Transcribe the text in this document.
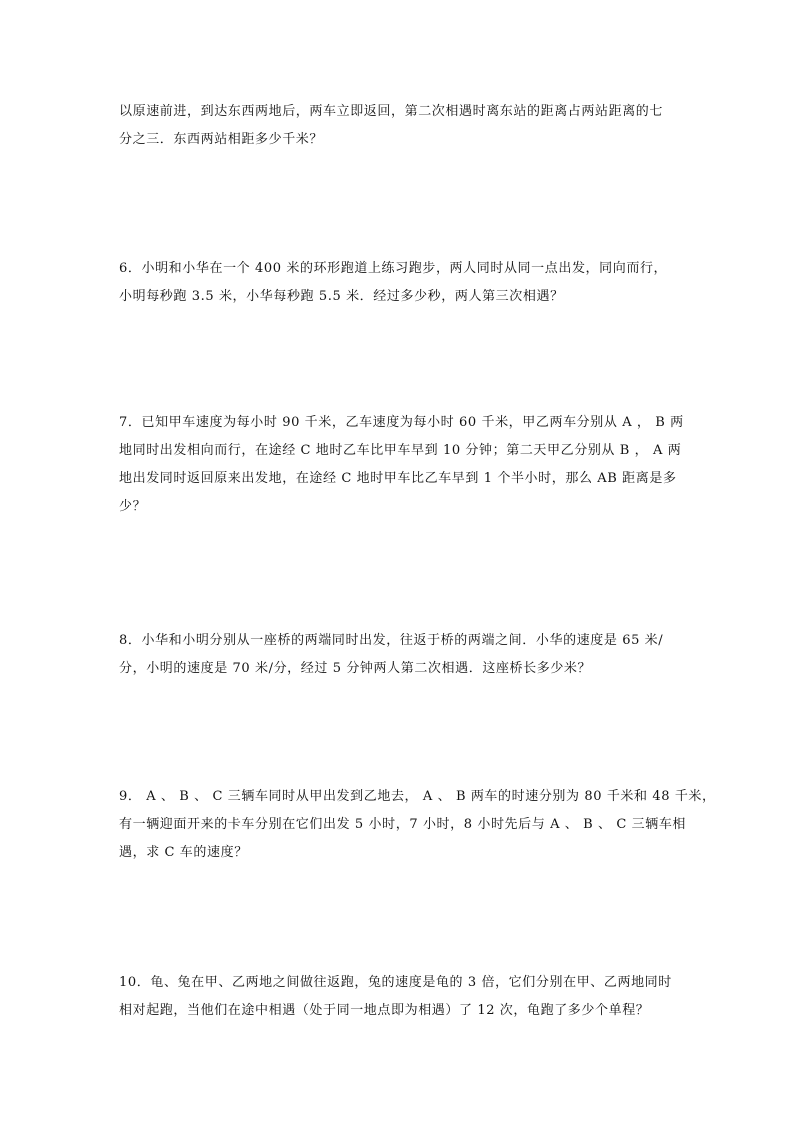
以原速前进，到达东西两地后，两车立即返回，第二次相遇时离东站的距离占两站距离的七
分之三．东西两站相距多少千米？
6．小明和小华在一个 400 米的环形跑道上练习跑步，两人同时从同一点出发，同向而行，
小明每秒跑 3.5 米，小华每秒跑 5.5 米．经过多少秒，两人第三次相遇？
7．已知甲车速度为每小时 90 千米，乙车速度为每小时 60 千米，甲乙两车分别从 A ， B 两
地同时出发相向而行，在途经 C 地时乙车比甲车早到 10 分钟；第二天甲乙分别从 B ， A 两
地出发同时返回原来出发地，在途经 C 地时甲车比乙车早到 1 个半小时，那么 AB 距离是多
少？
8．小华和小明分别从一座桥的两端同时出发，往返于桥的两端之间．小华的速度是 65 米/
分，小明的速度是 70 米/分，经过 5 分钟两人第二次相遇．这座桥长多少米？
9． A 、 B 、 C 三辆车同时从甲出发到乙地去， A 、 B 两车的时速分别为 80 千米和 48 千米，
有一辆迎面开来的卡车分别在它们出发 5 小时，7 小时，8 小时先后与 A 、 B 、 C 三辆车相
遇，求 C 车的速度？
10．龟、兔在甲、乙两地之间做往返跑，兔的速度是龟的 3 倍，它们分别在甲、乙两地同时
相对起跑，当他们在途中相遇（处于同一地点即为相遇）了 12 次，龟跑了多少个单程？
